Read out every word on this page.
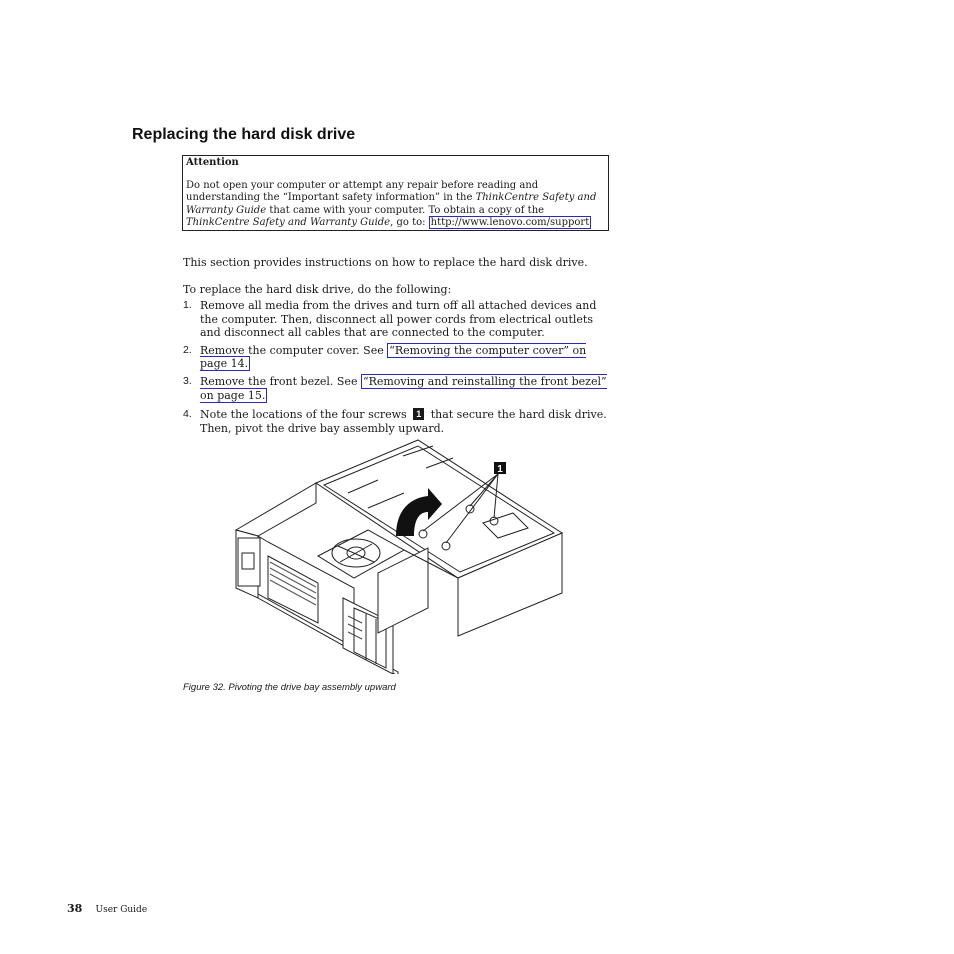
Replacing the hard disk drive
Attention
Do not open your computer or attempt any repair before reading and understanding the “Important safety information” in the ThinkCentre Safety and Warranty Guide that came with your computer. To obtain a copy of the ThinkCentre Safety and Warranty Guide, go to: http://www.lenovo.com/support
This section provides instructions on how to replace the hard disk drive.
To replace the hard disk drive, do the following:
1. Remove all media from the drives and turn off all attached devices and the computer. Then, disconnect all power cords from electrical outlets and disconnect all cables that are connected to the computer.
2. Remove the computer cover. See “Removing the computer cover” on page 14.
3. Remove the front bezel. See “Removing and reinstalling the front bezel” on page 15.
4. Note the locations of the four screws 1 that secure the hard disk drive. Then, pivot the drive bay assembly upward.
1
Figure 32. Pivoting the drive bay assembly upward
38 User Guide
